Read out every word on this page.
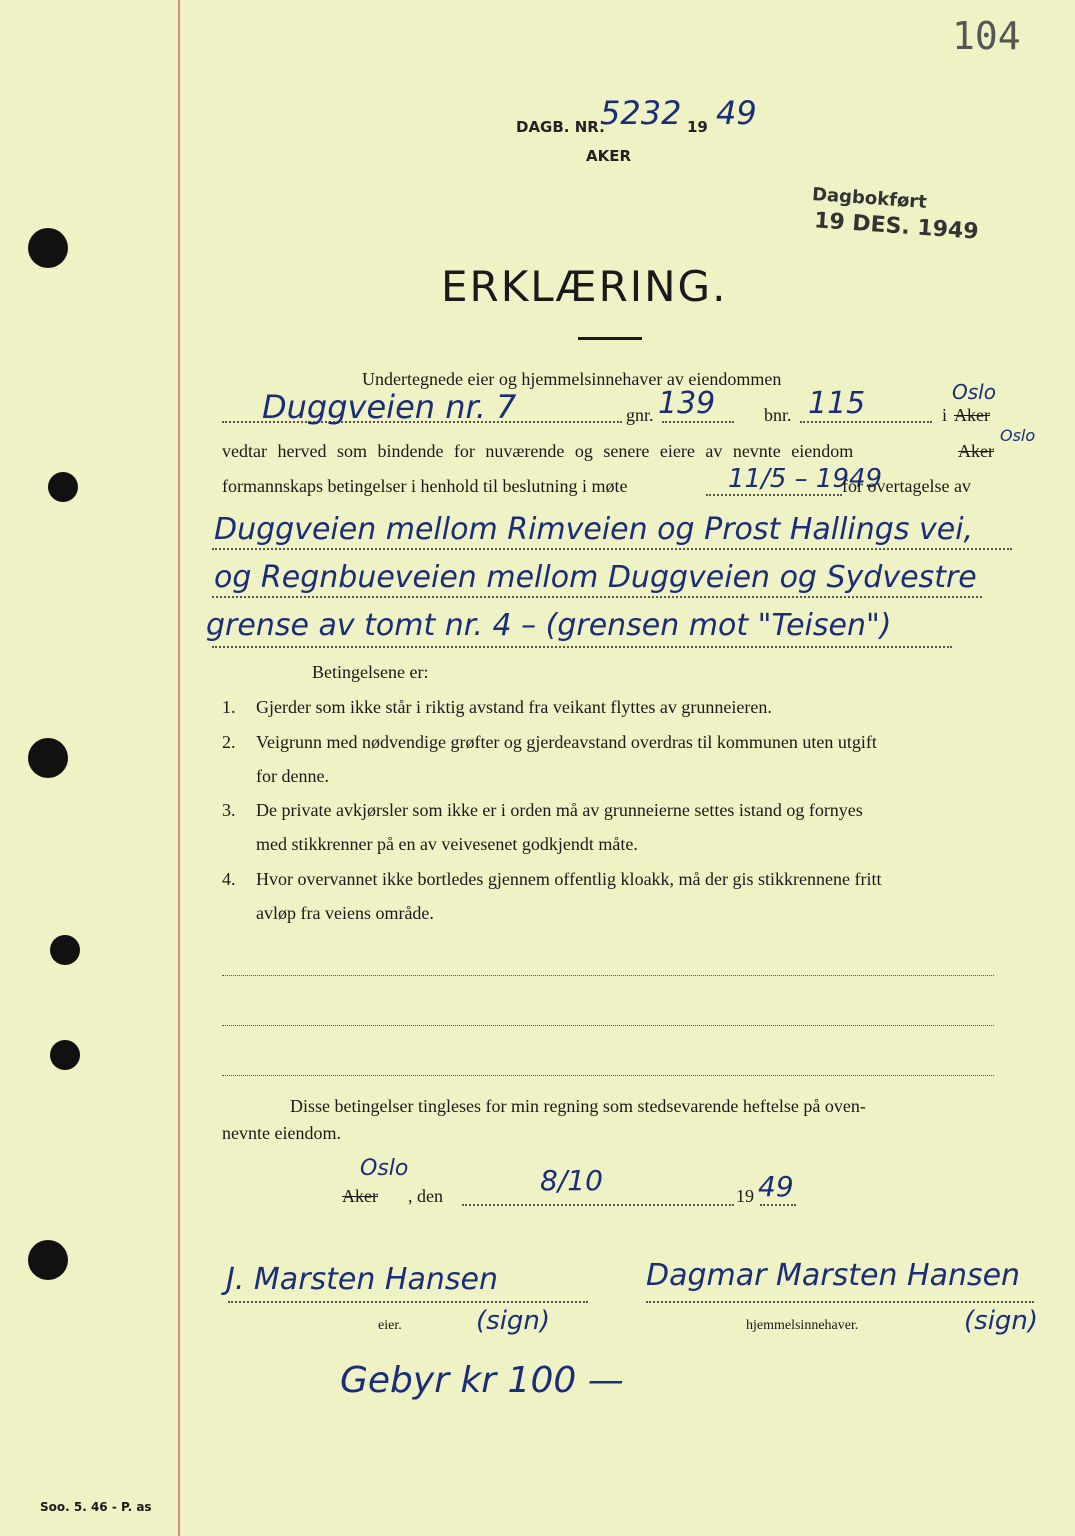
104
DAGB. NR.
5232 19 49
AKER
Dagbokført
19 DES. 1949
ERKLÆRING.
Undertegnede eier og hjemmelsinnehaver av eiendommen
Duggveien nr. 7	gnr. 139	bnr. 115	i
Oslo
Aker
vedtar herved som bindende for nuværende og senere eiere av nevnte eiendom	Aker
Oslo
formannskaps betingelser i henhold til beslutning i møte	11/5 – 1949
for overtagelse av
Duggveien mellom Rimveien og Prost Hallings vei,
og Regnbueveien mellom Duggveien og Sydvestre
grense av tomt nr. 4 – (grensen mot "Teisen")
Betingelsene er:
1. Gjerder som ikke står i riktig avstand fra veikant flyttes av grunneieren.
2. Veigrunn med nødvendige grøfter og gjerdeavstand overdras til kommunen uten utgift
for denne.
3. De private avkjørsler som ikke er i orden må av grunneierne settes istand og fornyes
med stikkrenner på en av veivesenet godkjendt måte.
4. Hvor overvannet ikke bortledes gjennem offentlig kloakk, må der gis stikkrennene fritt
avløp fra veiens område.
Disse betingelser tingleses for min regning som stedsevarende heftelse på oven-
nevnte eiendom.
Oslo
Aker , den	8/10	19 49
J. Marsten Hansen
eier.	(sign)
Dagmar Marsten Hansen
hjemmelsinnehaver.	(sign)
Gebyr kr 100 —
Soo. 5. 46 - P. as
